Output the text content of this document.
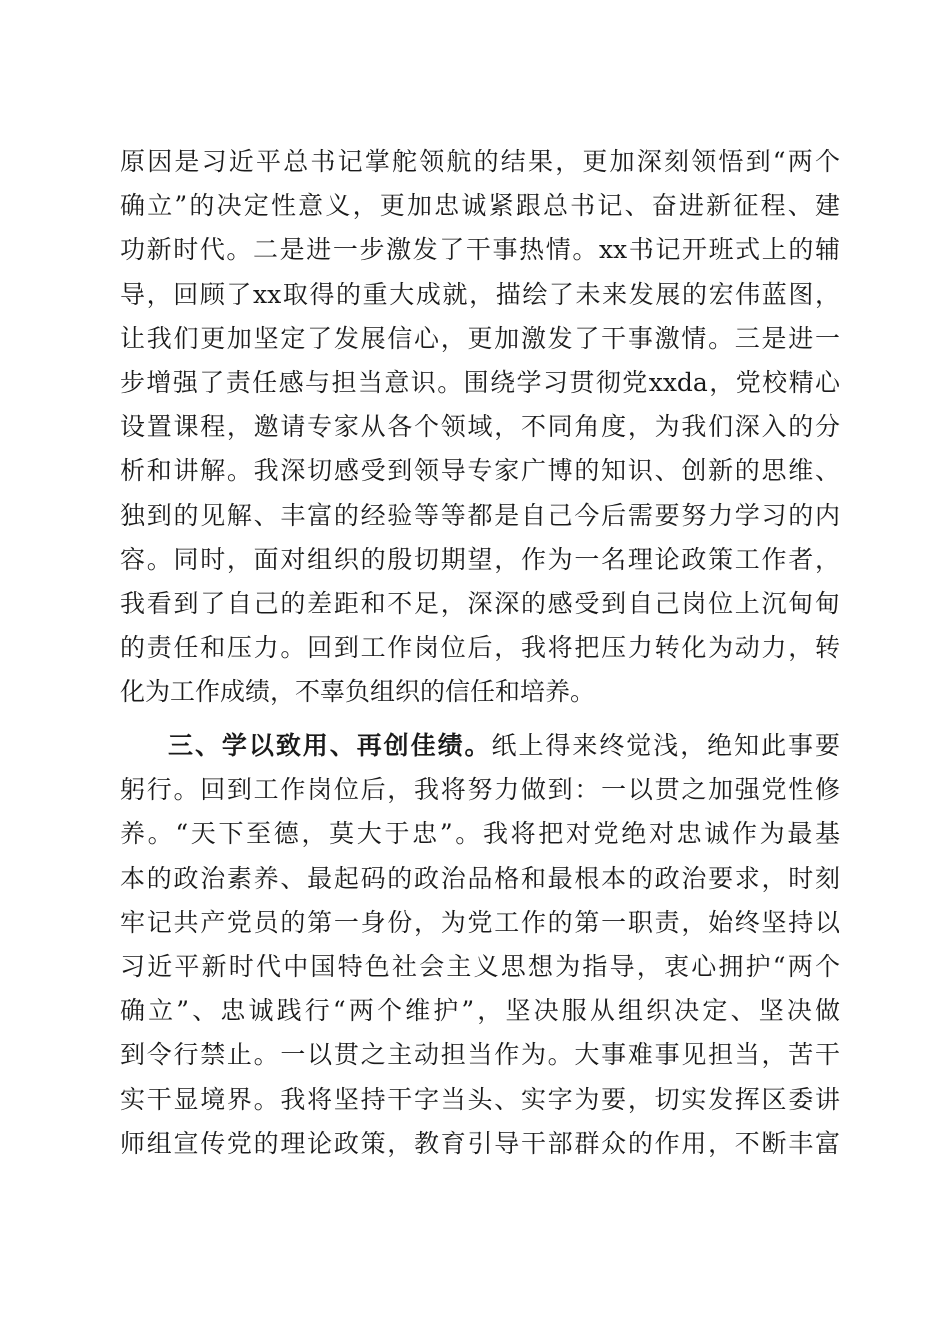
原因是习近平总书记掌舵领航的结果，更加深刻领悟到“两个
确立”的决定性意义，更加忠诚紧跟总书记、奋进新征程、建
功新时代。二是进一步激发了干事热情。xx书记开班式上的辅
导，回顾了xx取得的重大成就，描绘了未来发展的宏伟蓝图，
让我们更加坚定了发展信心，更加激发了干事激情。三是进一
步增强了责任感与担当意识。围绕学习贯彻党xxda，党校精心
设置课程，邀请专家从各个领域，不同角度，为我们深入的分
析和讲解。我深切感受到领导专家广博的知识、创新的思维、
独到的见解、丰富的经验等等都是自己今后需要努力学习的内
容。同时，面对组织的殷切期望，作为一名理论政策工作者，
我看到了自己的差距和不足，深深的感受到自己岗位上沉甸甸
的责任和压力。回到工作岗位后，我将把压力转化为动力，转
化为工作成绩，不辜负组织的信任和培养。
三、学以致用、再创佳绩。纸上得来终觉浅，绝知此事要
躬行。回到工作岗位后，我将努力做到：一以贯之加强党性修
养。“天下至德，莫大于忠”。我将把对党绝对忠诚作为最基
本的政治素养、最起码的政治品格和最根本的政治要求，时刻
牢记共产党员的第一身份，为党工作的第一职责，始终坚持以
习近平新时代中国特色社会主义思想为指导，衷心拥护“两个
确立”、忠诚践行“两个维护”，坚决服从组织决定、坚决做
到令行禁止。一以贯之主动担当作为。大事难事见担当，苦干
实干显境界。我将坚持干字当头、实字为要，切实发挥区委讲
师组宣传党的理论政策，教育引导干部群众的作用，不断丰富
